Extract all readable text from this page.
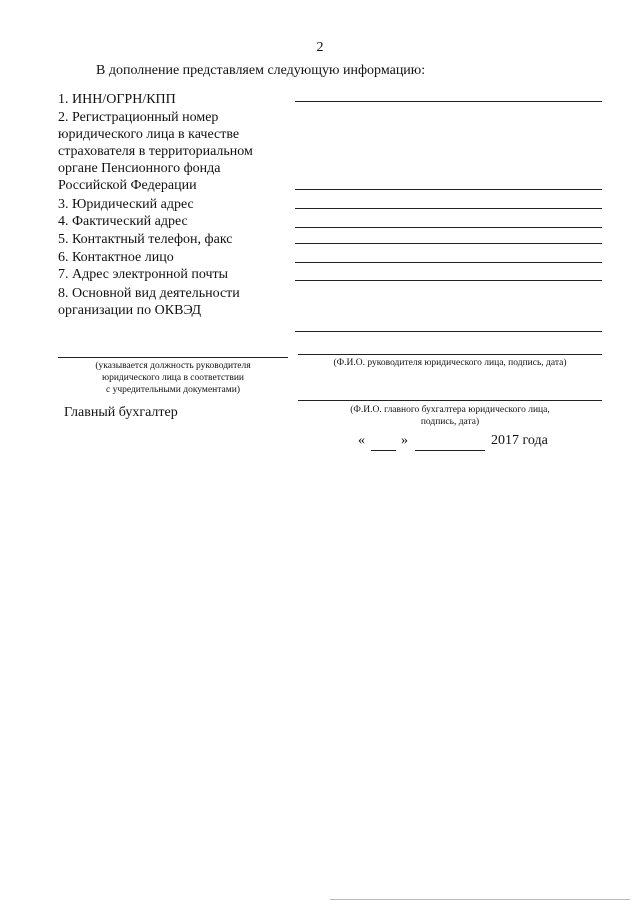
2
В дополнение представляем следующую информацию:
1. ИНН/ОГРН/КПП
2. Регистрационный номер
юридического лица в качестве
страхователя в территориальном
органе Пенсионного фонда
Российской Федерации
3. Юридический адрес
4. Фактический адрес
5. Контактный телефон, факс
6. Контактное лицо
7. Адрес электронной почты
8. Основной вид деятельности
организации по ОКВЭД
(указывается должность руководителя
юридического лица в соответствии
с учредительными документами)
(Ф.И.О. руководителя юридического лица, подпись, дата)
Главный бухгалтер	(Ф.И.О. главного бухгалтера юридического лица,
подпись, дата)
«	»	2017 года
